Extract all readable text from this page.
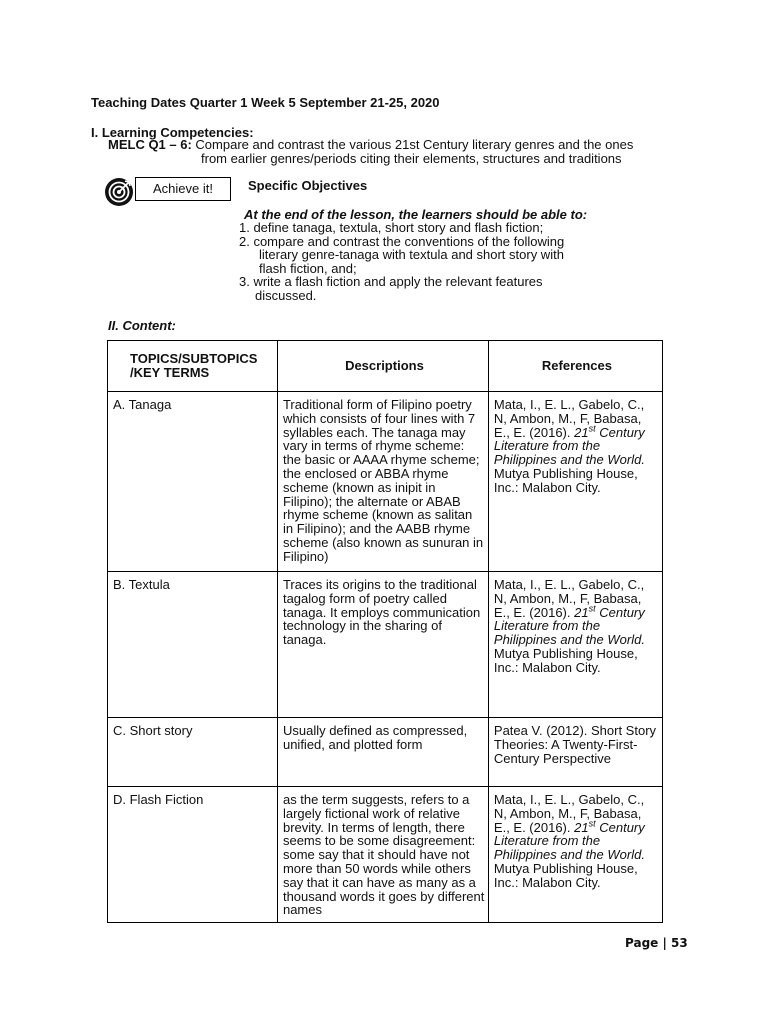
Teaching Dates Quarter 1 Week 5 September 21-25, 2020
I. Learning Competencies:
MELC Q1 – 6: Compare and contrast the various 21st Century literary genres and the ones
from earlier genres/periods citing their elements, structures and traditions
Achieve it!	Specific Objectives
At the end of the lesson, the learners should be able to:
1. define tanaga, textula, short story and flash fiction;
2. compare and contrast the conventions of the following
literary genre-tanaga with textula and short story with
flash fiction, and;
3. write a flash fiction and apply the relevant features
discussed.
II. Content:
TOPICS/SUBTOPICS /KEY TERMS	Descriptions	References
A. Tanaga	Traditional form of Filipino poetry which consists of four lines with 7 syllables each. The tanaga may vary in terms of rhyme scheme: the basic or AAAA rhyme scheme; the enclosed or ABBA rhyme scheme (known as inipit in Filipino); the alternate or ABAB rhyme scheme (known as salitan in Filipino); and the AABB rhyme scheme (also known as sunuran in Filipino)	Mata, I., E. L., Gabelo, C., N, Ambon, M., F, Babasa, E., E. (2016). 21st Century Literature from the Philippines and the World. Mutya Publishing House, Inc.: Malabon City.
B. Textula	Traces its origins to the traditional tagalog form of poetry called tanaga. It employs communication technology in the sharing of tanaga.	Mata, I., E. L., Gabelo, C., N, Ambon, M., F, Babasa, E., E. (2016). 21st Century Literature from the Philippines and the World. Mutya Publishing House, Inc.: Malabon City.
C. Short story	Usually defined as compressed, unified, and plotted form	Patea V. (2012). Short Story Theories: A Twenty-First-Century Perspective
D. Flash Fiction	as the term suggests, refers to a largely fictional work of relative brevity. In terms of length, there seems to be some disagreement: some say that it should have not more than 50 words while others say that it can have as many as a thousand words it goes by different names	Mata, I., E. L., Gabelo, C., N, Ambon, M., F, Babasa, E., E. (2016). 21st Century Literature from the Philippines and the World. Mutya Publishing House, Inc.: Malabon City.
Page | 53
